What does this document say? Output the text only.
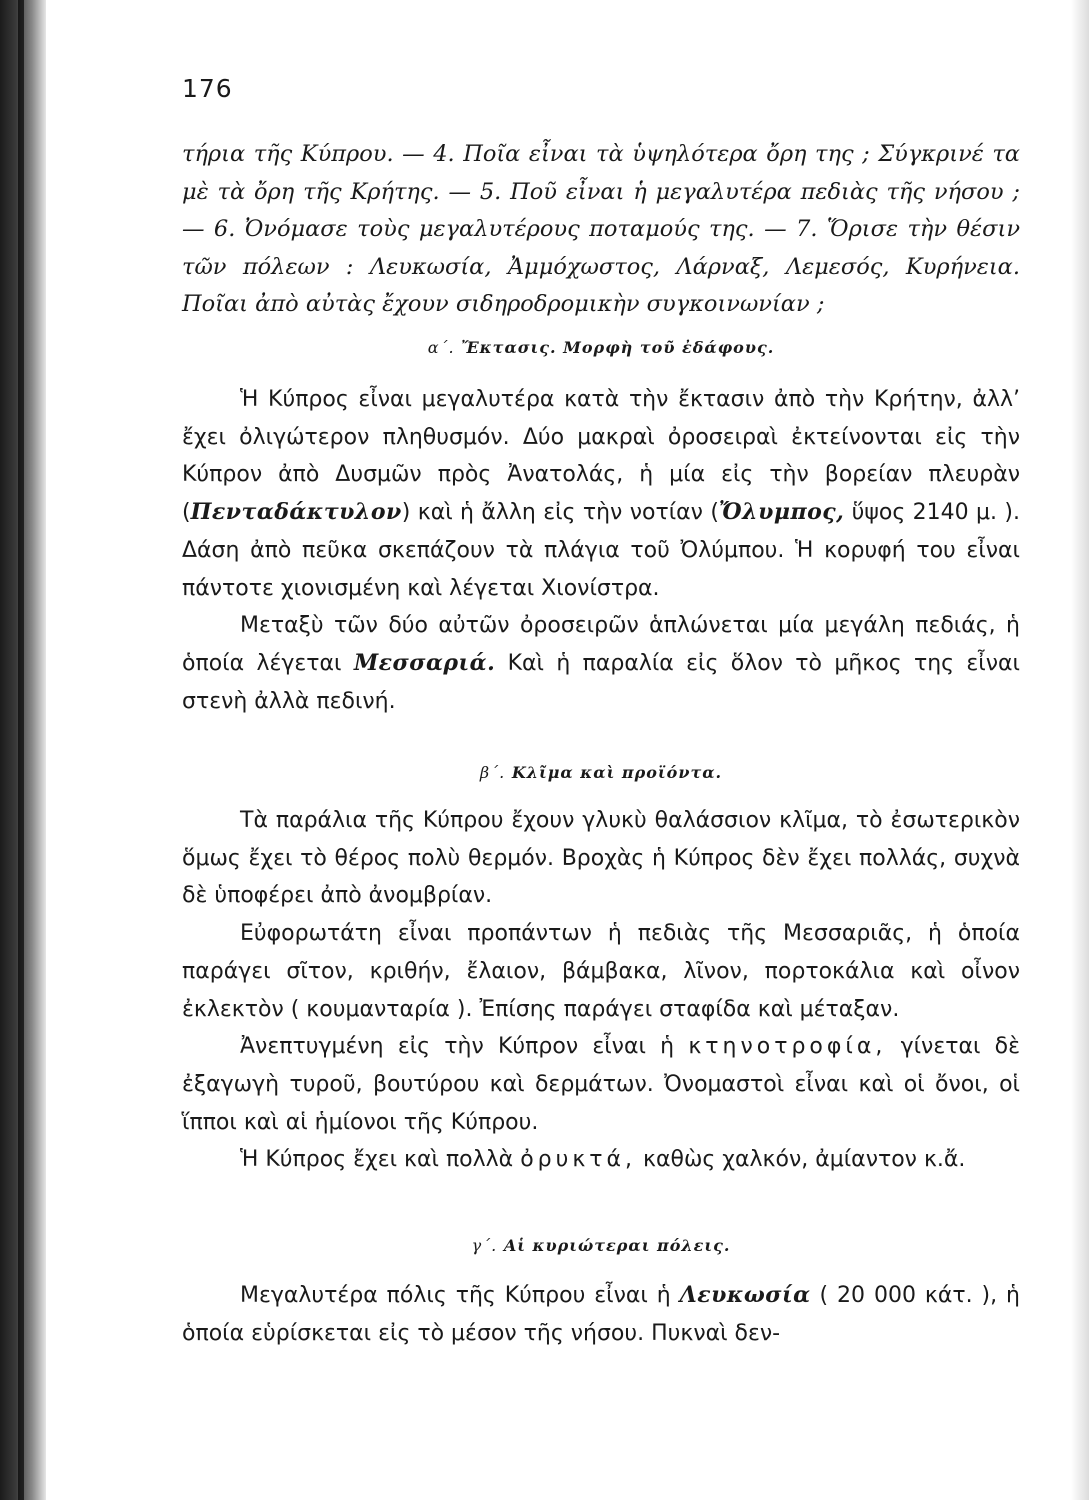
176
τήρια τῆς Κύπρου. — 4. Ποῖα εἶναι τὰ ὑψηλότερα ὄρη της ; Σύγκρινέ τα μὲ τὰ ὄρη τῆς Κρήτης. — 5. Ποῦ εἶναι ἡ μεγαλυτέρα πεδιὰς τῆς νήσου ; — 6. Ὀνόμασε τοὺς μεγαλυτέρους ποταμούς της. — 7. Ὅρισε τὴν θέσιν τῶν πόλεων : Λευκωσία, Ἀμμόχωστος, Λάρναξ, Λεμεσός, Κυρήνεια. Ποῖαι ἀπὸ αὐτὰς ἔχουν σιδηροδρομικὴν συγκοινωνίαν ;
α΄. Ἔκτασις. Μορφὴ τοῦ ἐδάφους.

Ἡ Κύπρος εἶναι μεγαλυτέρα κατὰ τὴν ἔκτασιν ἀπὸ τὴν Κρήτην, ἀλλ’ ἔχει ὀλιγώτερον πληθυσμόν. Δύο μακραὶ ὀροσειραὶ ἐκτείνονται εἰς τὴν Κύπρον ἀπὸ Δυσμῶν πρὸς Ἀνατολάς, ἡ μία εἰς τὴν βορείαν πλευρὰν (Πενταδάκτυλον) καὶ ἡ ἄλλη εἰς τὴν νοτίαν (Ὄλυμπος, ὕψος 2140 μ. ). Δάση ἀπὸ πεῦκα σκεπάζουν τὰ πλάγια τοῦ Ὀλύμπου. Ἡ κορυφή του εἶναι πάντοτε χιονισμένη καὶ λέγεται Χιονίστρα.

Μεταξὺ τῶν δύο αὐτῶν ὀροσειρῶν ἁπλώνεται μία μεγάλη πεδιάς, ἡ ὁποία λέγεται Μεσσαριά. Καὶ ἡ παραλία εἰς ὅλον τὸ μῆκος της εἶναι στενὴ ἀλλὰ πεδινή.

β΄. Κλῖμα καὶ προϊόντα.

Τὰ παράλια τῆς Κύπρου ἔχουν γλυκὺ θαλάσσιον κλῖμα, τὸ ἐσωτερικὸν ὅμως ἔχει τὸ θέρος πολὺ θερμόν. Βροχὰς ἡ Κύπρος δὲν ἔχει πολλάς, συχνὰ δὲ ὑποφέρει ἀπὸ ἀνομβρίαν.

Εὐφορωτάτη εἶναι προπάντων ἡ πεδιὰς τῆς Μεσσαριᾶς, ἡ ὁποία παράγει σῖτον, κριθήν, ἔλαιον, βάμβακα, λῖνον, πορτοκάλια καὶ οἶνον ἐκλεκτὸν ( κουμανταρία ). Ἐπίσης παράγει σταφίδα καὶ μέταξαν.

Ἀνεπτυγμένη εἰς τὴν Κύπρον εἶναι ἡ κτηνοτροφία, γίνεται δὲ ἐξαγωγὴ τυροῦ, βουτύρου καὶ δερμάτων. Ὀνομαστοὶ εἶναι καὶ οἱ ὄνοι, οἱ ἵπποι καὶ αἱ ἡμίονοι τῆς Κύπρου.

Ἡ Κύπρος ἔχει καὶ πολλὰ ὀρυκτά, καθὼς χαλκόν, ἀμίαντον κ.ἄ.

γ΄. Αἱ κυριώτεραι πόλεις.

Μεγαλυτέρα πόλις τῆς Κύπρου εἶναι ἡ Λευκωσία ( 20 000 κάτ. ), ἡ ὁποία εὑρίσκεται εἰς τὸ μέσον τῆς νήσου. Πυκναὶ δεν-
